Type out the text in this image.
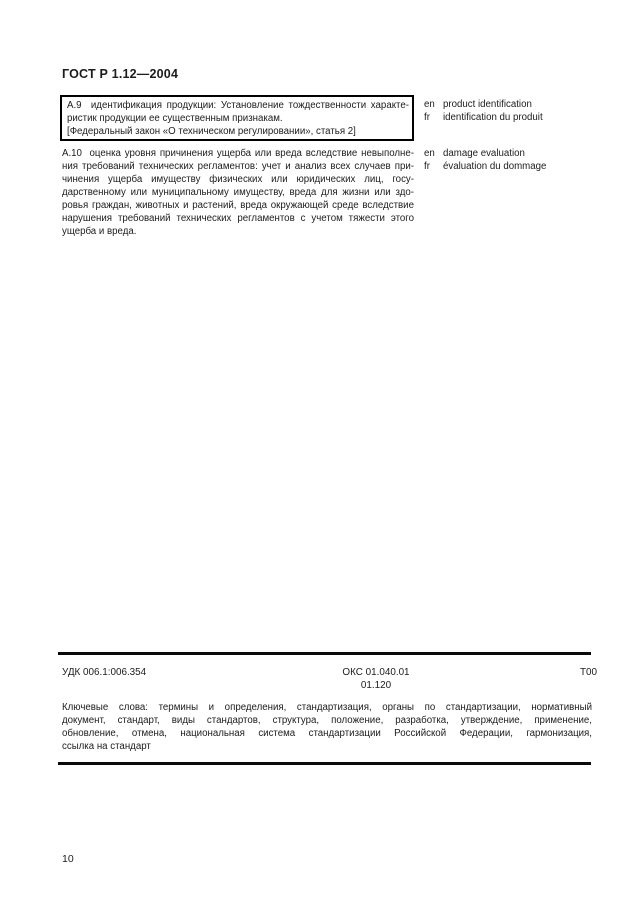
ГОСТ Р 1.12—2004
А.9  идентификация продукции: Установление тождественности характе-
ристик продукции ее существенным признакам.
[Федеральный закон «О техническом регулировании», статья 2]
en product identification
fr	identification du produit
А.10  оценка уровня причинения ущерба или вреда вследствие невыполне-
ния требований технических регламентов: учет и анализ всех случаев при-
чинения ущерба имуществу физических или юридических лиц, госу-
дарственному или муниципальному имуществу, вреда для жизни или здо-
ровья граждан, животных и растений, вреда окружающей среде вследствие
нарушения требований технических регламентов с учетом тяжести этого
ущерба и вреда.
en damage evaluation
fr	évaluation du dommage
УДК 006.1:006.354	ОКС 01.040.01
01.120
Т00
Ключевые слова: термины и определения, стандартизация, органы по стандартизации, нормативный
документ, стандарт, виды стандартов, структура, положение, разработка, утверждение, применение,
обновление, отмена, национальная система стандартизации Российской Федерации, гармонизация,
ссылка на стандарт
10
